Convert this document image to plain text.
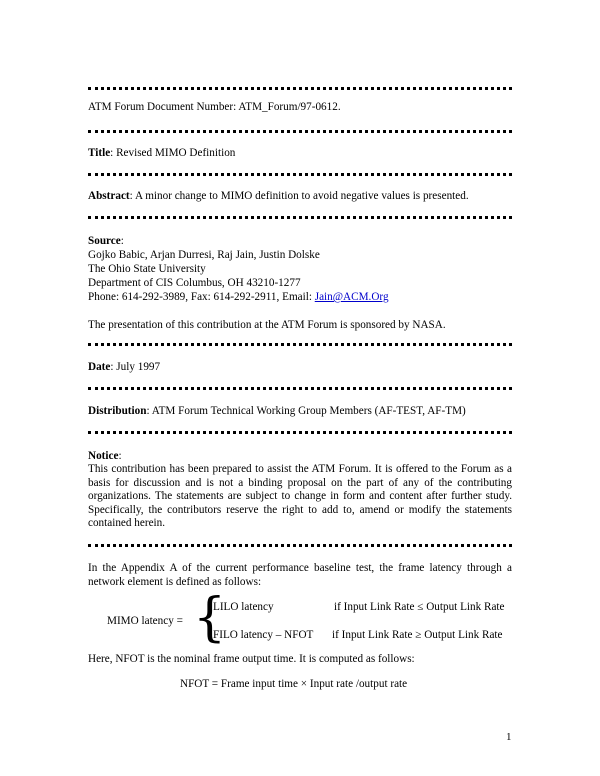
ATM Forum Document Number: ATM_Forum/97-0612.
Title: Revised MIMO Definition
Abstract: A minor change to MIMO definition to avoid negative values is presented.
Source:
Gojko Babic, Arjan Durresi, Raj Jain, Justin Dolske
The Ohio State University
Department of CIS Columbus, OH 43210-1277
Phone: 614-292-3989, Fax: 614-292-2911, Email: Jain@ACM.Org
The presentation of this contribution at the ATM Forum is sponsored by NASA.
Date: July 1997
Distribution: ATM Forum Technical Working Group Members (AF-TEST, AF-TM)
Notice:
This contribution has been prepared to assist the ATM Forum. It is offered to the Forum as a basis for discussion and is not a binding proposal on the part of any of the contributing organizations. The statements are subject to change in form and content after further study. Specifically, the contributors reserve the right to add to, amend or modify the statements contained herein.
In the Appendix A of the current performance baseline test, the frame latency through a network element is defined as follows:
MIMO latency = {
LILO latency	if Input Link Rate ≤ Output Link Rate
FILO latency – NFOT if Input Link Rate ≥ Output Link Rate
Here, NFOT is the nominal frame output time. It is computed as follows:
NFOT = Frame input time × Input rate /output rate
1
